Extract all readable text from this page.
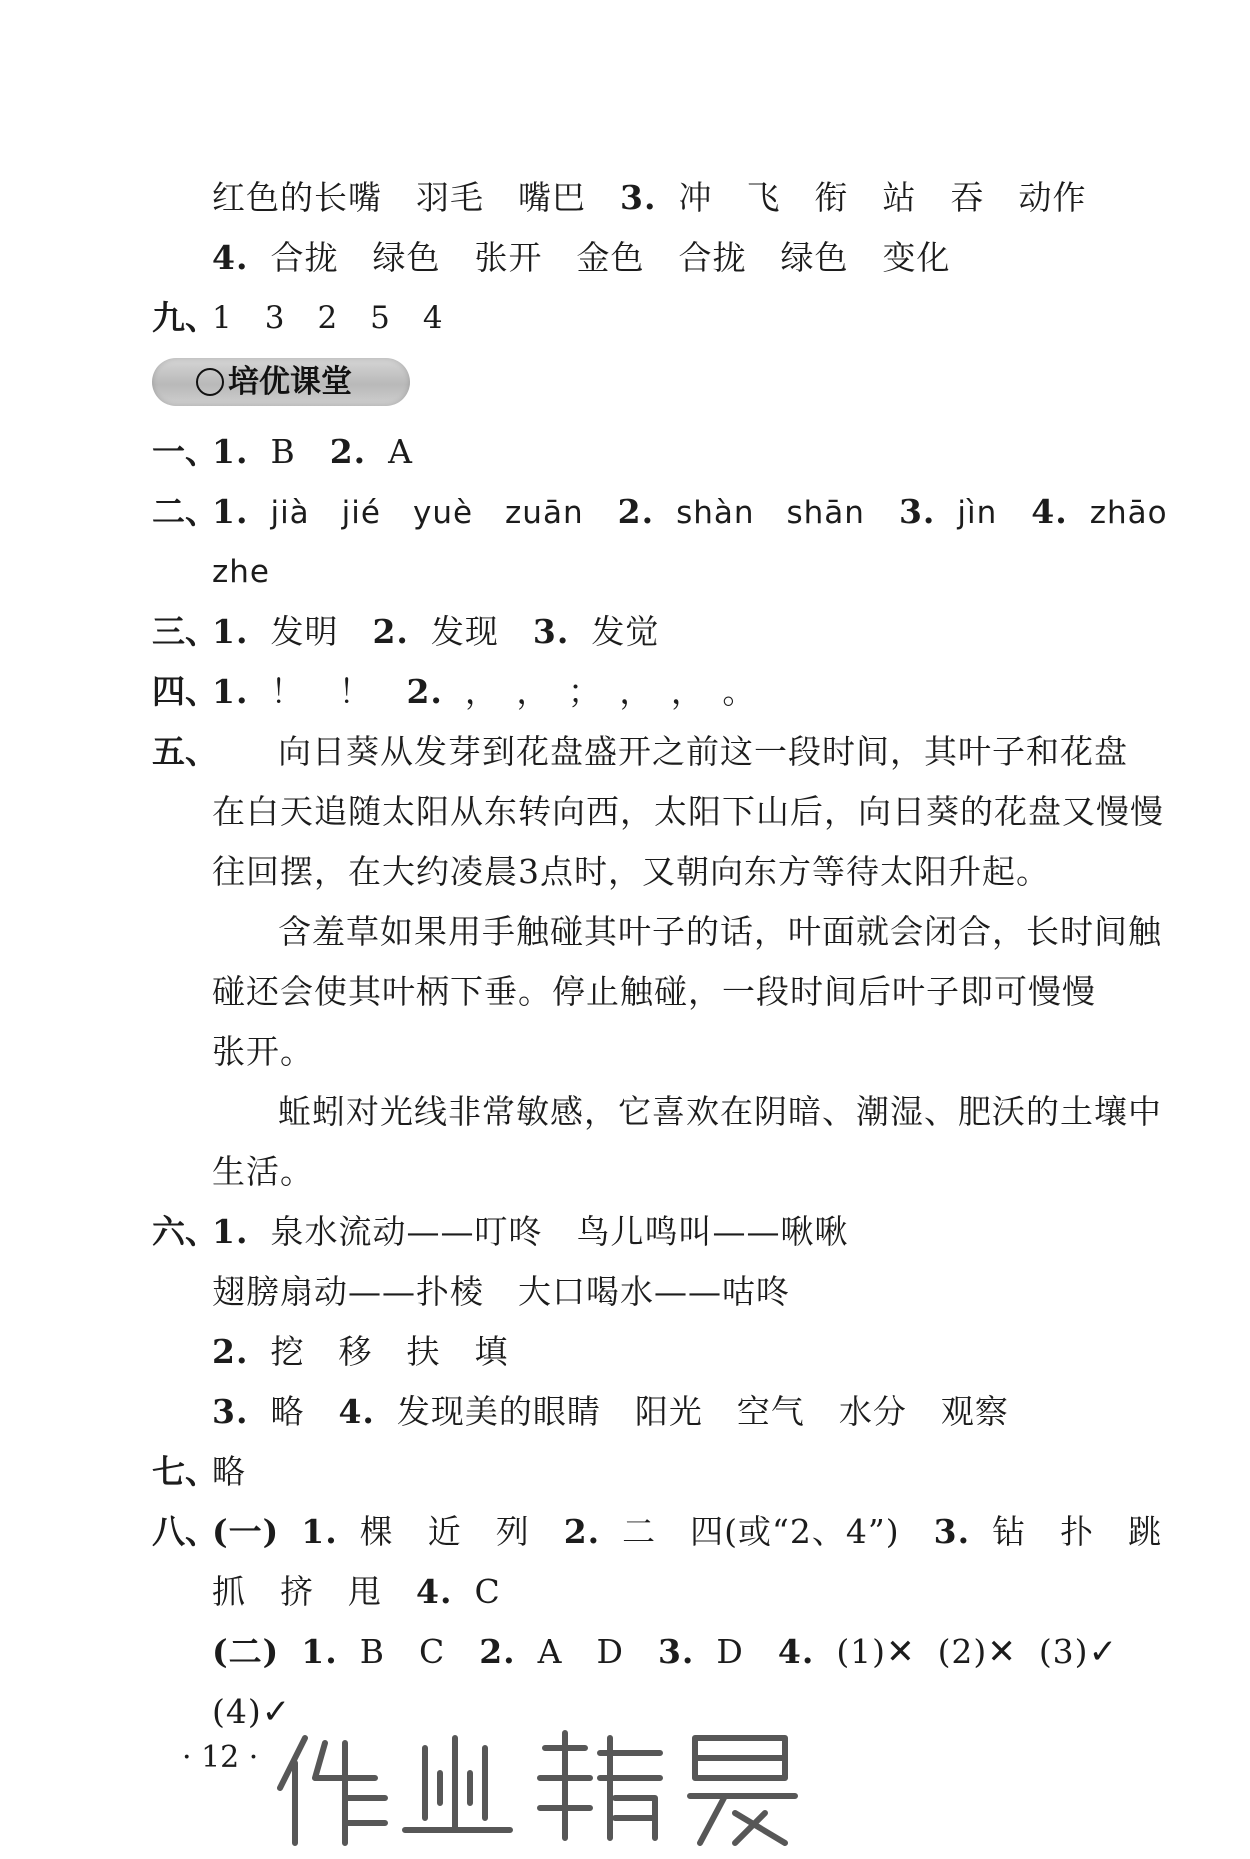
红色的长嘴 羽毛 嘴巴 3. 冲 飞 衔 站 吞 动作
4. 合拢 绿色 张开 金色 合拢 绿色 变化
九、
1　3　2　5　4
培优课堂
一、
1. B 2. A
二、
1. jià　jié　yuè　zuān 2. shàn　shān 3. jìn 4. zhāo
zhe
三、
1. 发明 2. 发现 3. 发觉
四、
1. ！　！ 2. ，　，　；　，　，　。
五、 向日葵从发芽到花盘盛开之前这一段时间，其叶子和花盘
在白天追随太阳从东转向西，太阳下山后，向日葵的花盘又慢慢
往回摆，在大约凌晨3点时，又朝向东方等待太阳升起。
含羞草如果用手触碰其叶子的话，叶面就会闭合，长时间触
碰还会使其叶柄下垂。停止触碰，一段时间后叶子即可慢慢
张开。
蚯蚓对光线非常敏感，它喜欢在阴暗、潮湿、肥沃的土壤中
生活。
六、
1. 泉水流动——叮咚　鸟儿鸣叫——啾啾
翅膀扇动——扑棱　大口喝水——咕咚
2. 挖　移　扶　填
3. 略 4. 发现美的眼睛　阳光　空气　水分　观察
七、
略
八、
(一) 1. 棵　近　列 2. 二　四(或“2、4”) 3. 钻　扑　跳
抓　挤　甩 4. C
(二) 1. B　C 2. A　D 3. D 4. (1)✕ (2)✕ (3)✓
(4)✓
· 12 ·
